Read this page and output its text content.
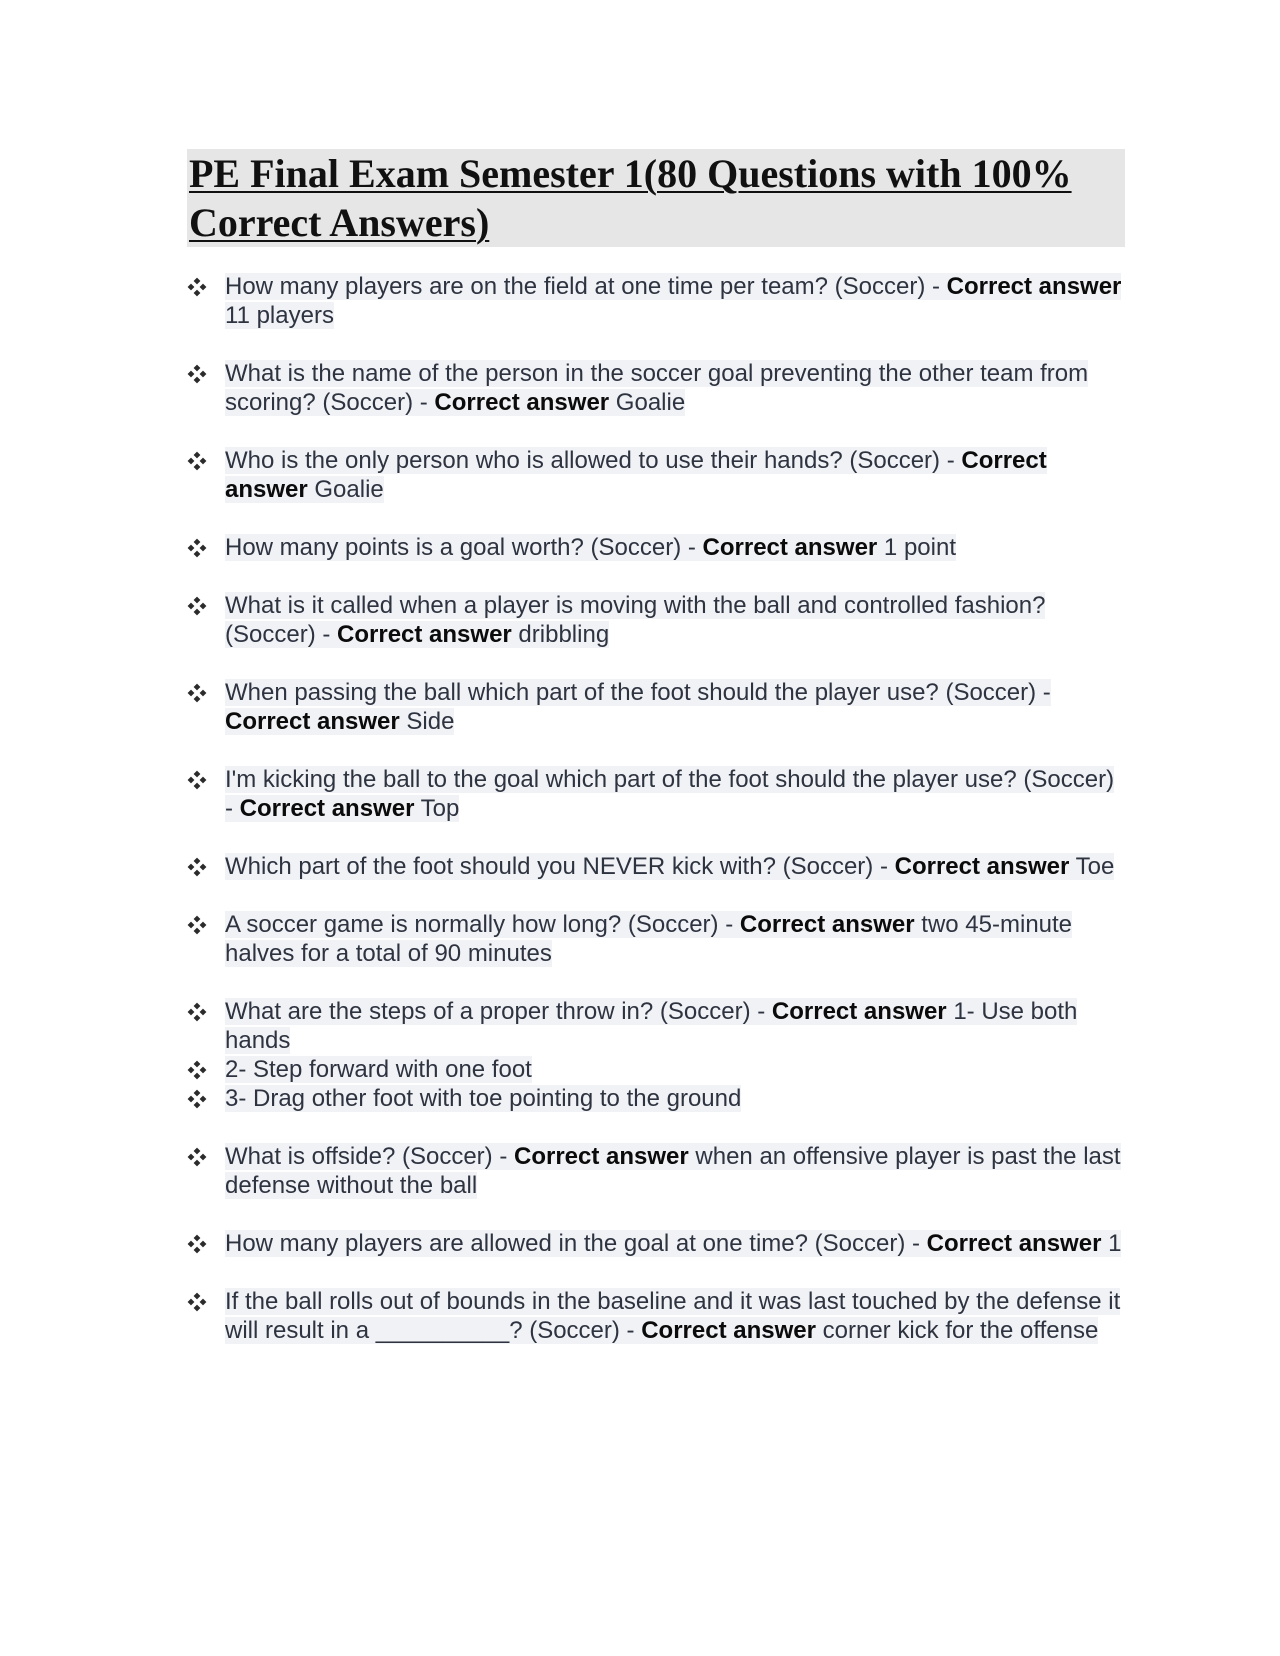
PE Final Exam Semester 1(80 Questions with 100% Correct Answers)
How many players are on the field at one time per team? (Soccer) - Correct answer 11 players
What is the name of the person in the soccer goal preventing the other team from scoring? (Soccer) - Correct answer Goalie
Who is the only person who is allowed to use their hands? (Soccer) - Correct answer Goalie
How many points is a goal worth? (Soccer) - Correct answer 1 point
What is it called when a player is moving with the ball and controlled fashion? (Soccer) - Correct answer dribbling
When passing the ball which part of the foot should the player use? (Soccer) - Correct answer Side
I'm kicking the ball to the goal which part of the foot should the player use? (Soccer) - Correct answer Top
Which part of the foot should you NEVER kick with? (Soccer) - Correct answer Toe
A soccer game is normally how long? (Soccer) - Correct answer two 45-minute halves for a total of 90 minutes
What are the steps of a proper throw in? (Soccer) - Correct answer 1- Use both hands
2- Step forward with one foot
3- Drag other foot with toe pointing to the ground
What is offside? (Soccer) - Correct answer when an offensive player is past the last defense without the ball
How many players are allowed in the goal at one time? (Soccer) - Correct answer 1
If the ball rolls out of bounds in the baseline and it was last touched by the defense it will result in a __________? (Soccer) - Correct answer corner kick for the offense
